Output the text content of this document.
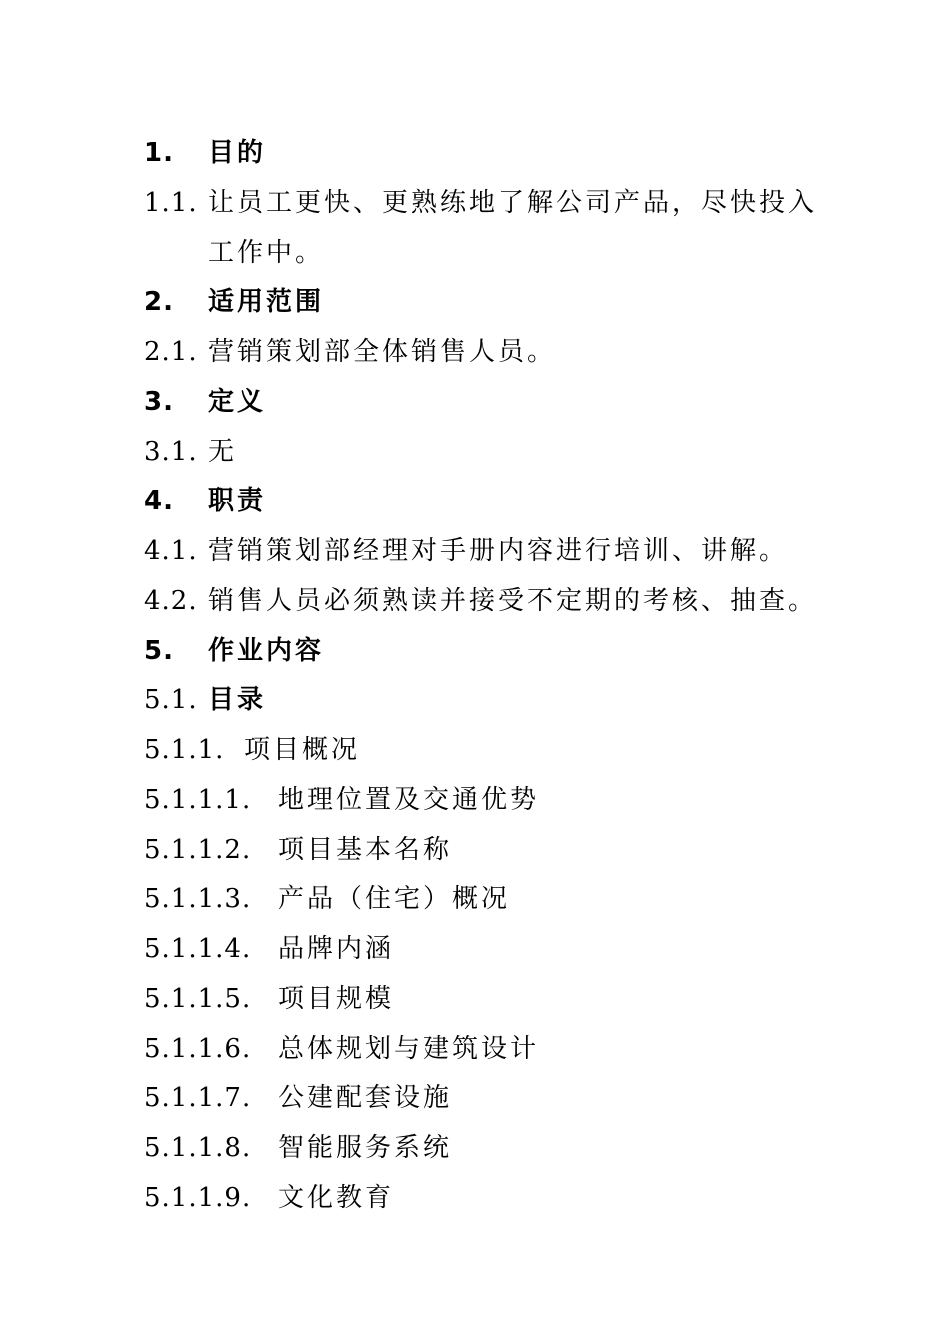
1. 目的
1.1. 让员工更快、更熟练地了解公司产品，尽快投入
工作中。
2. 适用范围
2.1. 营销策划部全体销售人员。
3. 定义
3.1. 无
4. 职责
4.1. 营销策划部经理对手册内容进行培训、讲解。
4.2. 销售人员必须熟读并接受不定期的考核、抽查。
5. 作业内容
5.1. 目录
5.1.1. 项目概况
5.1.1.1. 地理位置及交通优势
5.1.1.2. 项目基本名称
5.1.1.3. 产品（住宅）概况
5.1.1.4. 品牌内涵
5.1.1.5. 项目规模
5.1.1.6. 总体规划与建筑设计
5.1.1.7. 公建配套设施
5.1.1.8. 智能服务系统
5.1.1.9. 文化教育
